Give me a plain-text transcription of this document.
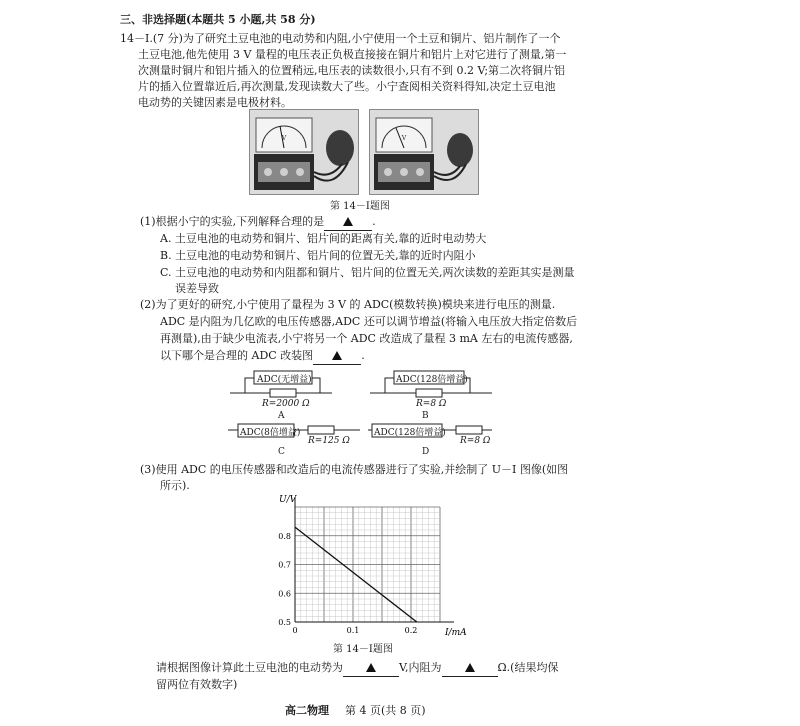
三、非选择题(本题共 5 小题,共 58 分)
14－Ⅰ.(7 分)为了研究土豆电池的电动势和内阻,小宁使用一个土豆和铜片、铝片制作了一个
土豆电池,他先使用 3 V 量程的电压表正负极直接接在铜片和铝片上对它进行了测量,第一
次测量时铜片和铝片插入的位置稍远,电压表的读数很小,只有不到 0.2 V;第二次将铜片铝
片的插入位置靠近后,再次测量,发现读数大了些。小宁查阅相关资料得知,决定土豆电池
电动势的关键因素是电极材料。
V	V
第 14－Ⅰ题图
(1)根据小宁的实验,下列解释合理的是	.
A. 土豆电池的电动势和铜片、铝片间的距离有关,靠的近时电动势大
B. 土豆电池的电动势和铜片、铝片间的位置无关,靠的近时内阻小
C. 土豆电池的电动势和内阻都和铜片、铝片间的位置无关,两次读数的差距其实是测量
误差导致
(2)为了更好的研究,小宁使用了量程为 3 V 的 ADC(模数转换)模块来进行电压的测量.
ADC 是内阻为几亿欧的电压传感器,ADC 还可以调节增益(将输入电压放大指定倍数后
再测量),由于缺少电流表,小宁将另一个 ADC 改造成了量程 3 mA 左右的电流传感器,
以下哪个是合理的 ADC 改装图	.
ADC(无增益)
R=2000 Ω
A
ADC(128倍增益)
R=8 Ω
B
ADC(8倍增益)
R=125 Ω
C
ADC(128倍增益)
R=8 Ω
D
(3)使用 ADC 的电压传感器和改造后的电流传感器进行了实验,并绘制了 U－I 图像(如图
所示).
0	0.1	0.2
0.5
0.6
0.7
0.8
U/V
I/mA
第 14－Ⅰ题图
请根据图像计算此土豆电池的电动势为	V,内阻为	Ω.(结果均保
留两位有效数字)
高二物理 第 4 页(共 8 页)
